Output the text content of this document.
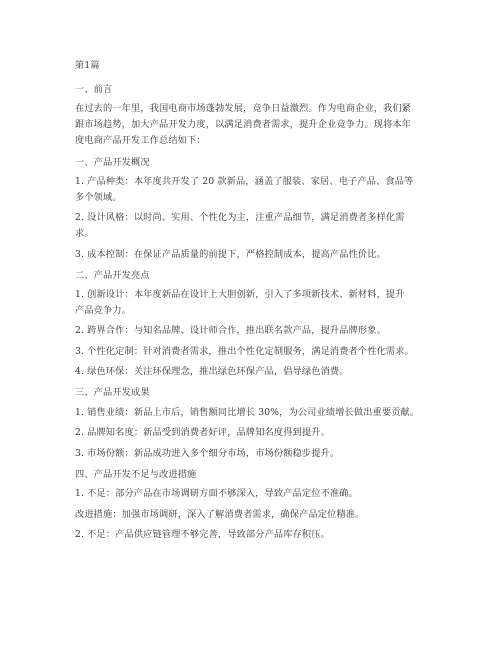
第1篇
一、前言
在过去的一年里，我国电商市场蓬勃发展，竞争日益激烈。作为电商企业，我们紧
跟市场趋势，加大产品开发力度，以满足消费者需求，提升企业竞争力。现将本年
度电商产品开发工作总结如下：
一、产品开发概况
1. 产品种类：本年度共开发了 20 款新品，涵盖了服装、家居、电子产品、食品等
多个领域。
2. 设计风格：以时尚、实用、个性化为主，注重产品细节，满足消费者多样化需
求。
3. 成本控制：在保证产品质量的前提下，严格控制成本，提高产品性价比。
二、产品开发亮点
1. 创新设计：本年度新品在设计上大胆创新，引入了多项新技术、新材料，提升
产品竞争力。
2. 跨界合作：与知名品牌、设计师合作，推出联名款产品，提升品牌形象。
3. 个性化定制：针对消费者需求，推出个性化定制服务，满足消费者个性化需求。
4. 绿色环保：关注环保理念，推出绿色环保产品，倡导绿色消费。
三、产品开发成果
1. 销售业绩：新品上市后，销售额同比增长 30%，为公司业绩增长做出重要贡献。
2. 品牌知名度：新品受到消费者好评，品牌知名度得到提升。
3. 市场份额：新品成功进入多个细分市场，市场份额稳步提升。
四、产品开发不足与改进措施
1. 不足：部分产品在市场调研方面不够深入，导致产品定位不准确。
改进措施：加强市场调研，深入了解消费者需求，确保产品定位精准。
2. 不足：产品供应链管理不够完善，导致部分产品库存积压。
